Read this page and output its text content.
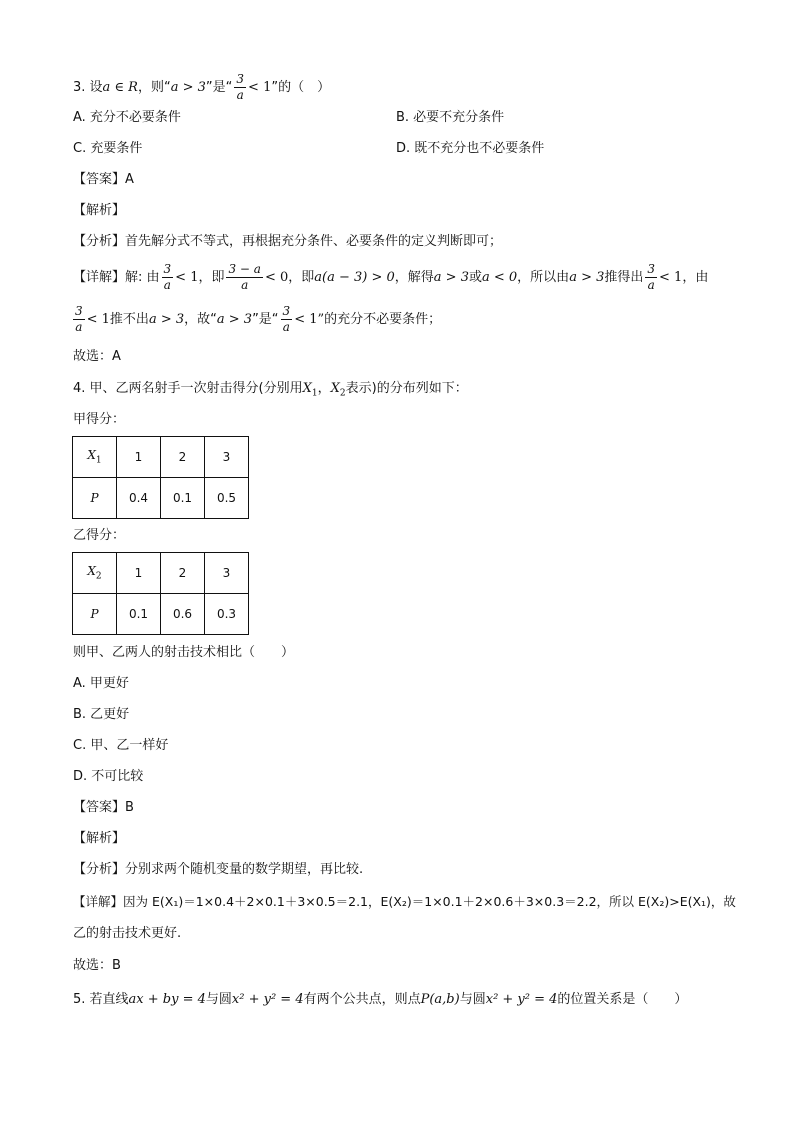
3. 设a ∈ R，则“a > 3”是“ $\frac{3}{a} < 1$”的（　）
A. 充分不必要条件	B. 必要不充分条件
C. 充要条件	D. 既不充分也不必要条件
【答案】A
【解析】
【分析】首先解分式不等式，再根据充分条件、必要条件的定义判断即可；
【详解】解: 由 $\frac{3}{a} < 1$，即 $\frac{3 - a}{a} < 0$，即a(a − 3) > 0，解得a > 3或a < 0，所以由a > 3推得出 $\frac{3}{a} < 1$，由
$\frac{3}{a} < 1$推不出a > 3，故“a > 3”是“ $\frac{3}{a} < 1$”的充分不必要条件；
故选：A
4. 甲、乙两名射手一次射击得分(分别用$X_1$，$X_2$表示)的分布列如下：
甲得分：
$X_1$	1	2	3
P	0.4	0.1	0.5
乙得分：
$X_2$	1	2	3
P	0.1	0.6	0.3
则甲、乙两人的射击技术相比（　　）
A. 甲更好
B. 乙更好
C. 甲、乙一样好
D. 不可比较
【答案】B
【解析】
【分析】分别求两个随机变量的数学期望，再比较.
【详解】因为 E(X₁)＝1×0.4＋2×0.1＋3×0.5＝2.1，E(X₂)＝1×0.1＋2×0.6＋3×0.3＝2.2，所以 E(X₂)>E(X₁)，故
乙的射击技术更好.
故选：B
5. 若直线ax + by = 4与圆x² + y² = 4有两个公共点，则点P(a,b)与圆x² + y² = 4的位置关系是（　　）
